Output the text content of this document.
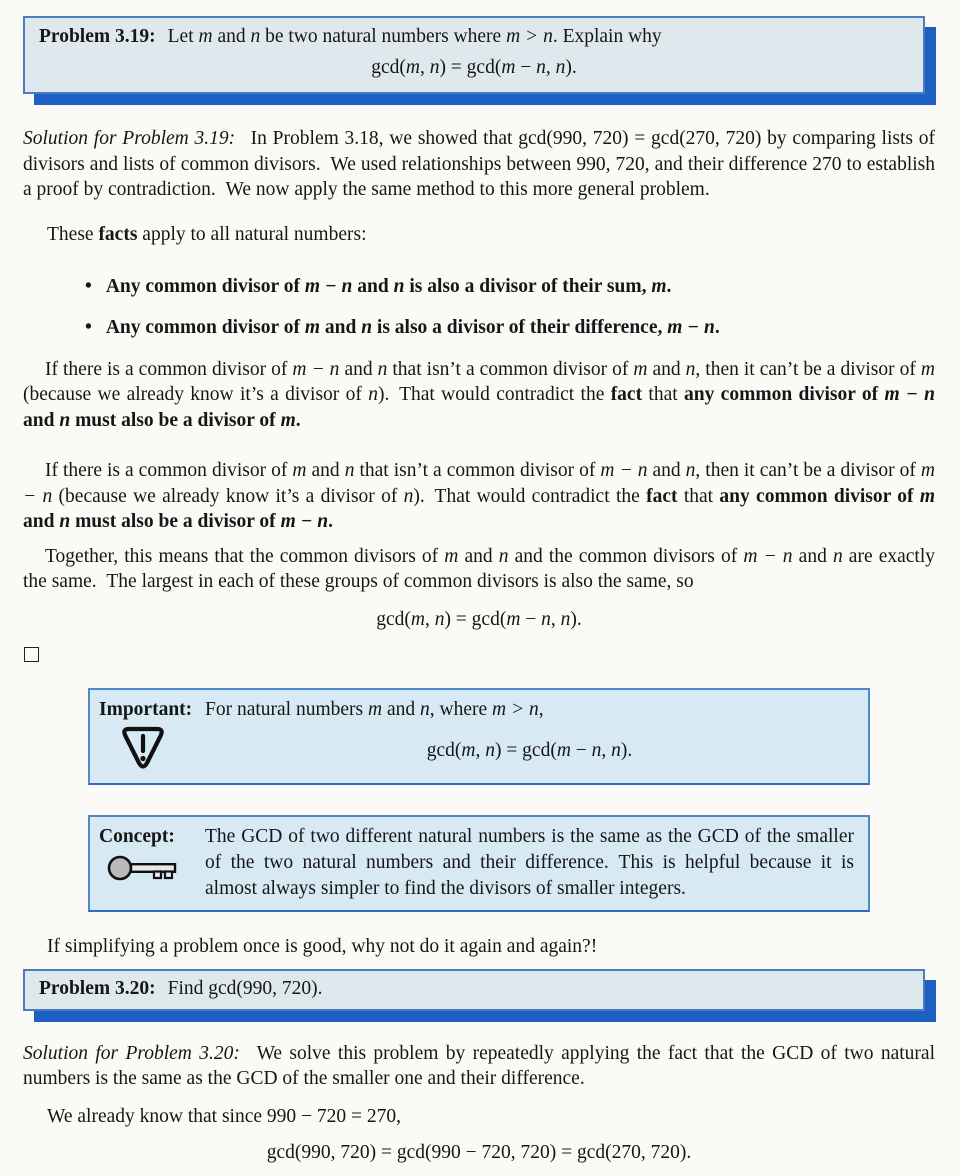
Problem 3.19: Let m and n be two natural numbers where m > n. Explain why
gcd(m, n) = gcd(m − n, n).

Solution for Problem 3.19:  In Problem 3.18, we showed that gcd(990, 720) = gcd(270, 720) by comparing lists of divisors and lists of common divisors. We used relationships between 990, 720, and their difference 270 to establish a proof by contradiction. We now apply the same method to this more general problem.

These facts apply to all natural numbers:
• Any common divisor of m − n and n is also a divisor of their sum, m.
• Any common divisor of m and n is also a divisor of their difference, m − n.

If there is a common divisor of m − n and n that isn’t a common divisor of m and n, then it can’t be a divisor of m (because we already know it’s a divisor of n). That would contradict the fact that any common divisor of m − n and n must also be a divisor of m.

If there is a common divisor of m and n that isn’t a common divisor of m − n and n, then it can’t be a divisor of m − n (because we already know it’s a divisor of n). That would contradict the fact that any common divisor of m and n must also be a divisor of m − n.

Together, this means that the common divisors of m and n and the common divisors of m − n and n are exactly the same. The largest in each of these groups of common divisors is also the same, so

gcd(m, n) = gcd(m − n, n).
Important: For natural numbers m and n, where m > n,
gcd(m, n) = gcd(m − n, n).
Concept:	The GCD of two different natural numbers is the same as the GCD of the smaller of the two natural numbers and their difference. This is helpful because it is almost always simpler to find the divisors of smaller integers.
If simplifying a problem once is good, why not do it again and again?!
Problem 3.20: Find gcd(990, 720).

Solution for Problem 3.20:  We solve this problem by repeatedly applying the fact that the GCD of two natural numbers is the same as the GCD of the smaller one and their difference.

We already know that since 990 − 720 = 270,
gcd(990, 720) = gcd(990 − 720, 720) = gcd(270, 720).
